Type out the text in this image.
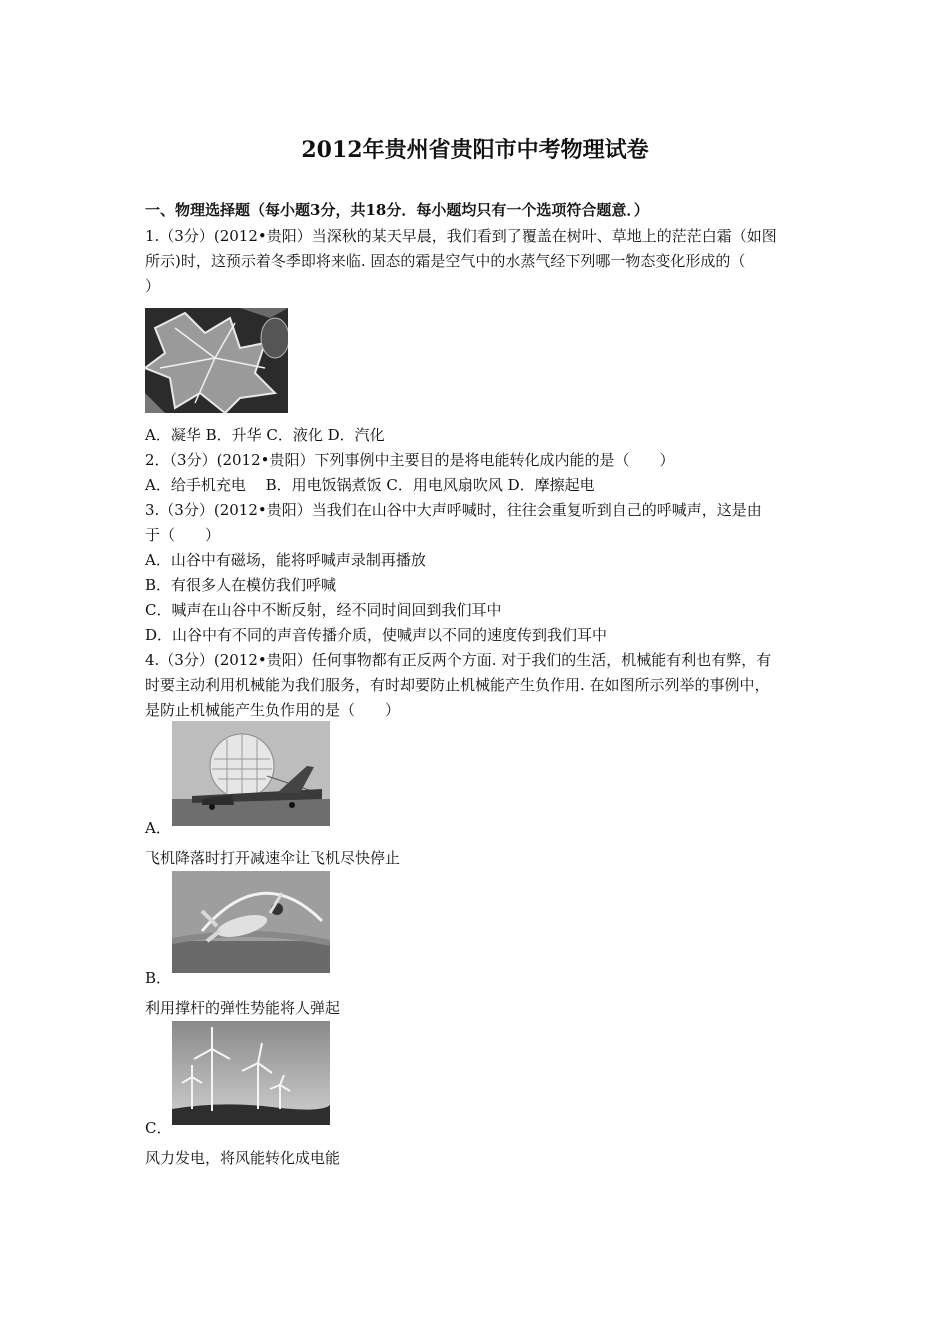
2012年贵州省贵阳市中考物理试卷
一、物理选择题（每小题3分，共18分．每小题均只有一个选项符合题意．）
1.（3分）(2012•贵阳）当深秋的某天早晨，我们看到了覆盖在树叶、草地上的茫茫白霜（如图
所示)时，这预示着冬季即将来临. 固态的霜是空气中的水蒸气经下列哪一物态变化形成的（
）
A．凝华 B．升华 C．液化 D．汽化
2．（3分）(2012•贵阳）下列事例中主要目的是将电能转化成内能的是（　　）
A．给手机充电　 B．用电饭锅煮饭 C．用电风扇吹风 D．摩擦起电
3.（3分）(2012•贵阳）当我们在山谷中大声呼喊时，往往会重复听到自己的呼喊声，这是由
于（　　）
A．山谷中有磁场，能将呼喊声录制再播放
B．有很多人在模仿我们呼喊
C．喊声在山谷中不断反射，经不同时间回到我们耳中
D．山谷中有不同的声音传播介质，使喊声以不同的速度传到我们耳中
4.（3分）(2012•贵阳）任何事物都有正反两个方面. 对于我们的生活，机械能有利也有弊，有
时要主动利用机械能为我们服务，有时却要防止机械能产生负作用. 在如图所示列举的事例中，
是防止机械能产生负作用的是（　　）
A．
飞机降落时打开减速伞让飞机尽快停止
B．
利用撑杆的弹性势能将人弹起
C．
风力发电，将风能转化成电能
